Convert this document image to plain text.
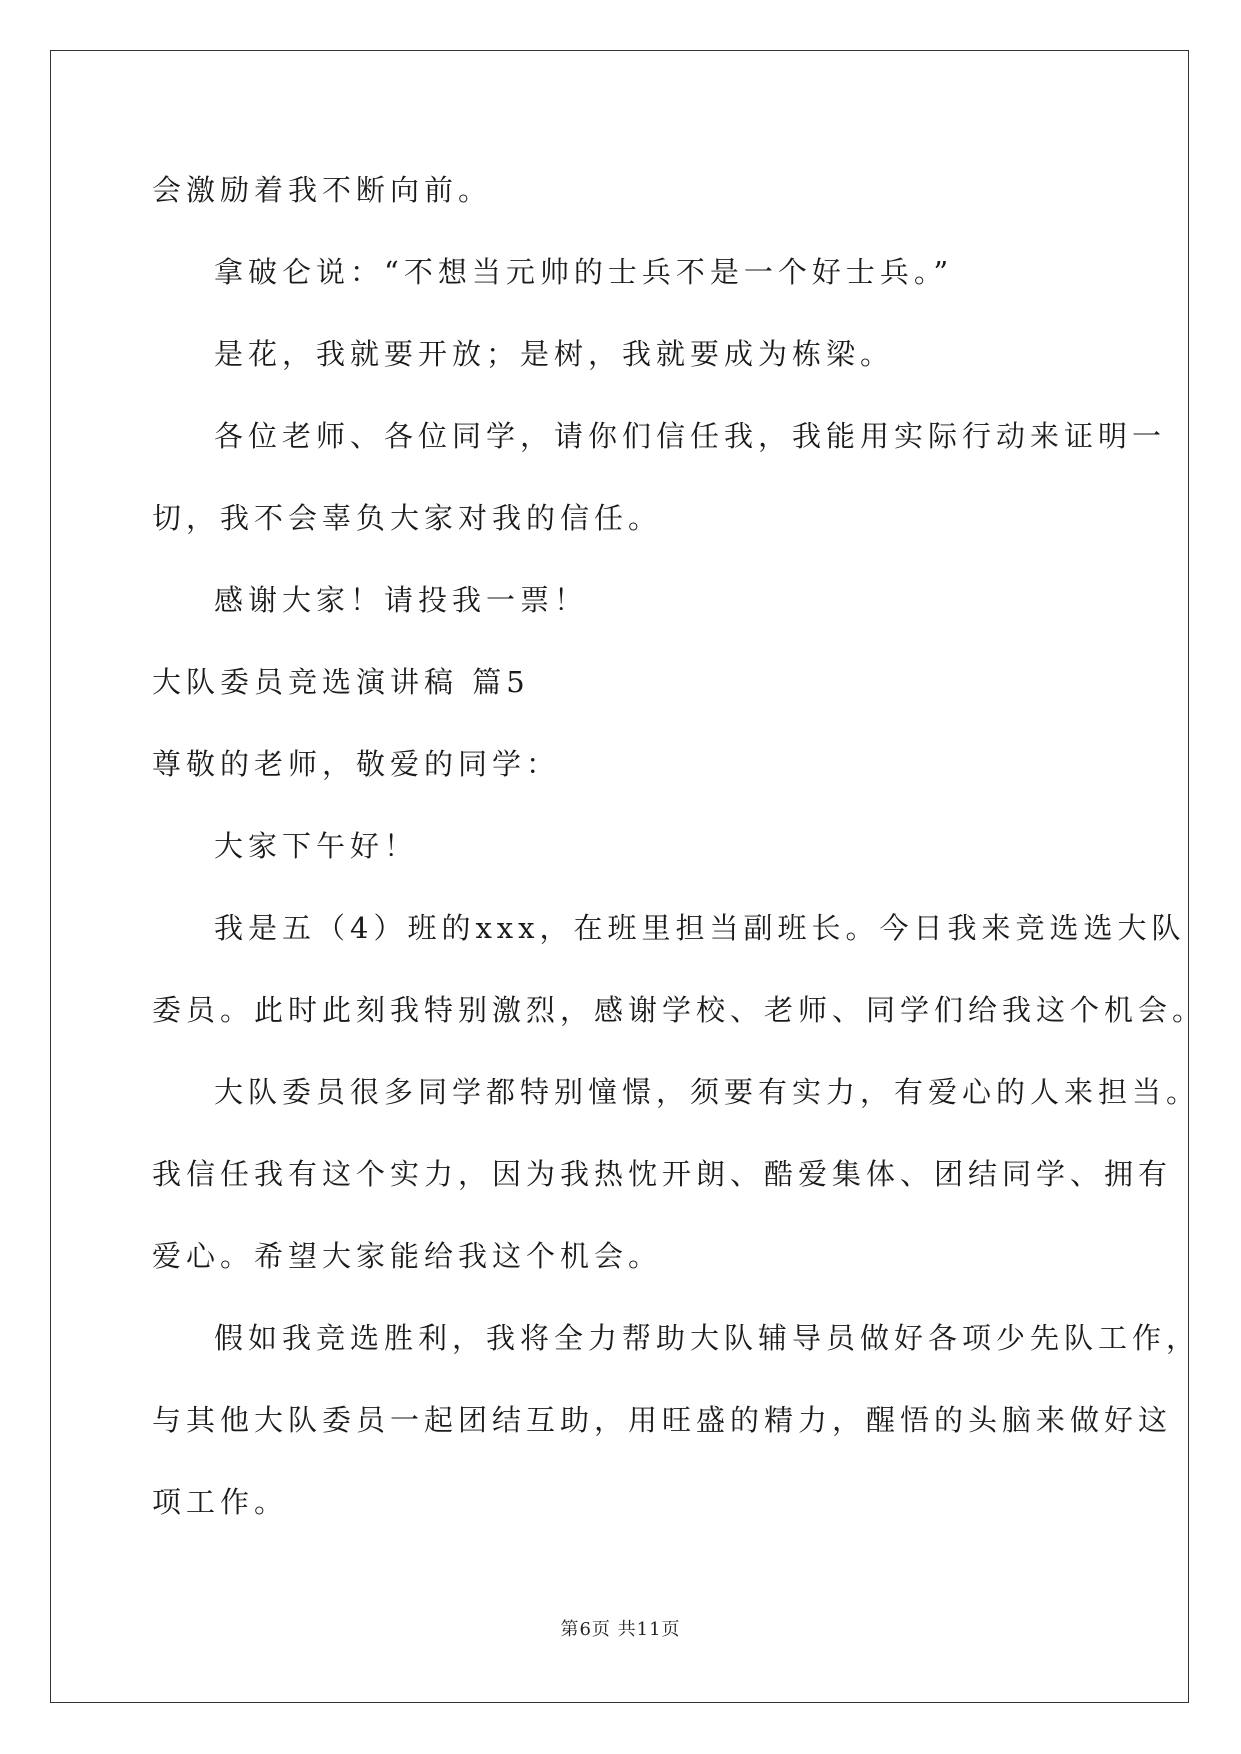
会激励着我不断向前。

拿破仑说：“不想当元帅的士兵不是一个好士兵。”

是花，我就要开放；是树，我就要成为栋梁。

各位老师、各位同学，请你们信任我，我能用实际行动来证明一

切，我不会辜负大家对我的信任。

感谢大家！请投我一票！

大队委员竞选演讲稿 篇5

尊敬的老师，敬爱的同学：

大家下午好！

我是五（4）班的xxx，在班里担当副班长。今日我来竞选选大队

委员。此时此刻我特别激烈，感谢学校、老师、同学们给我这个机会。

大队委员很多同学都特别憧憬，须要有实力，有爱心的人来担当。

我信任我有这个实力，因为我热忱开朗、酷爱集体、团结同学、拥有

爱心。希望大家能给我这个机会。

假如我竞选胜利，我将全力帮助大队辅导员做好各项少先队工作，

与其他大队委员一起团结互助，用旺盛的精力，醒悟的头脑来做好这

项工作。

第6页 共11页
